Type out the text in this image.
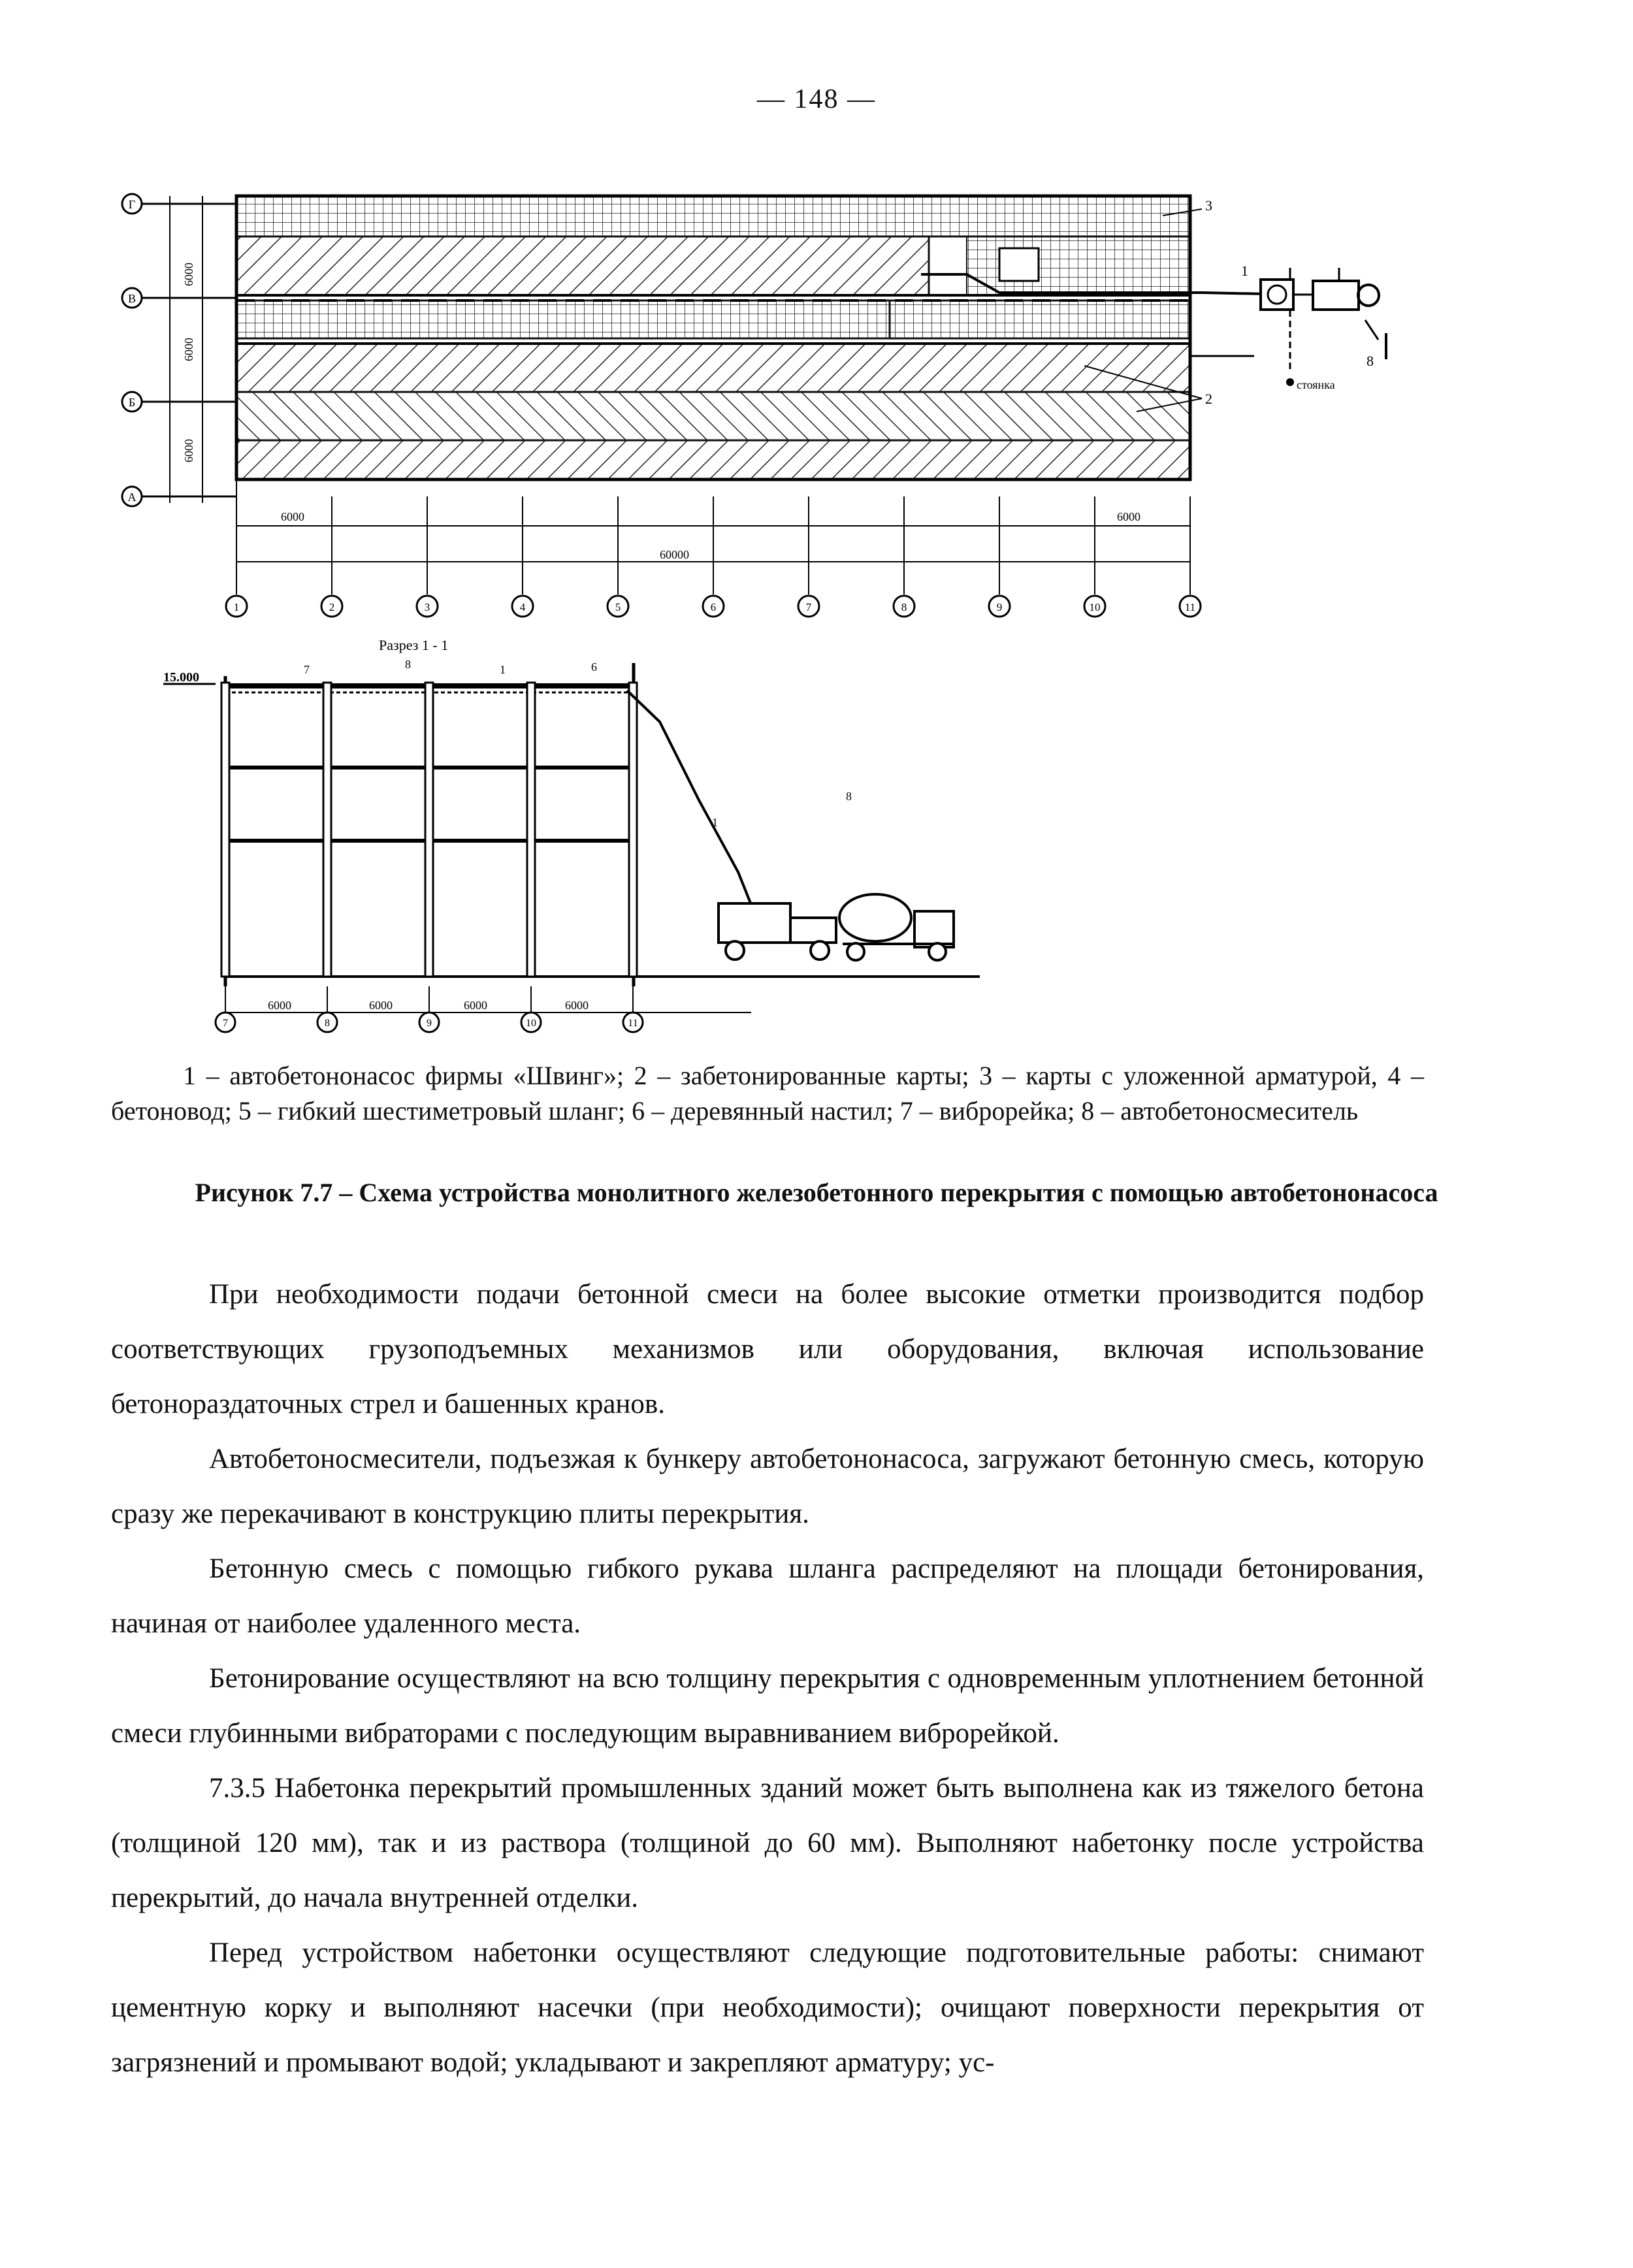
— 148 —
стоянка
3
2
1
8
Г
В
Б
А
6000
6000
6000
6000	6000
60000
1	2	3	4	5	6	7	8	9	10	11
Разрез 1 - 1
15.000
7	8	1	6
1
8
6000	6000	6000	6000
7	8	9	10	11
1 – автобетононасос фирмы «Швинг»; 2 – забетонированные карты; 3 – карты с уложенной арматурой, 4 – бетоновод; 5 – гибкий шестиметровый шланг; 6 – деревянный настил; 7 – виброрейка; 8 – автобетоносмеситель
Рисунок 7.7 – Схема устройства монолитного железобетонного перекрытия с помощью автобетононасоса

При необходимости подачи бетонной смеси на более высокие отметки производится подбор соответствующих грузоподъемных механизмов или оборудования, включая использование бетонораздаточных стрел и башенных кранов.

Автобетоносмесители, подъезжая к бункеру автобетононасоса, загружают бетонную смесь, которую сразу же перекачивают в конструкцию плиты перекрытия.

Бетонную смесь с помощью гибкого рукава шланга распределяют на площади бетонирования, начиная от наиболее удаленного места.

Бетонирование осуществляют на всю толщину перекрытия с одновременным уплотнением бетонной смеси глубинными вибраторами с последующим выравниванием виброрейкой.

7.3.5 Набетонка перекрытий промышленных зданий может быть выполнена как из тяжелого бетона (толщиной 120 мм), так и из раствора (толщиной до 60 мм). Выполняют набетонку после устройства перекрытий, до начала внутренней отделки.

Перед устройством набетонки осуществляют следующие подготовительные работы: снимают цементную корку и выполняют насечки (при необходимости); очищают поверхности перекрытия от загрязнений и промывают водой; укладывают и закрепляют арматуру; ус-
